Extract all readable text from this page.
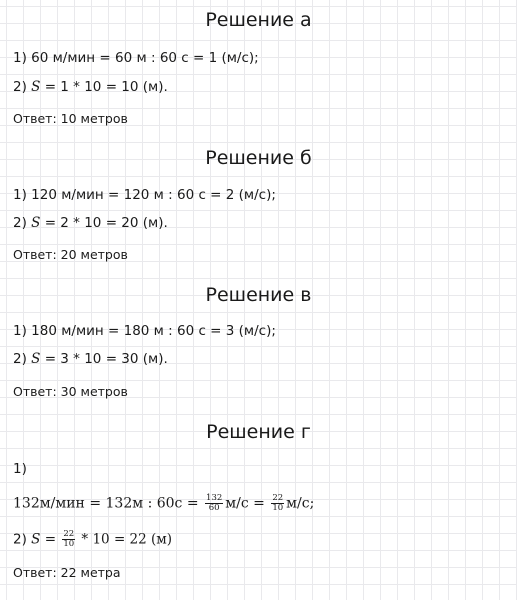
Решение а
1) 60 м/мин = 60 м : 60 с = 1 (м/с);
2) S = 1 * 10 = 10 (м).
Ответ: 10 метров
Решение б
1) 120 м/мин = 120 м : 60 с = 2 (м/с);
2) S = 2 * 10 = 20 (м).
Ответ: 20 метров
Решение в
1) 180 м/мин = 180 м : 60 с = 3 (м/с);
2) S = 3 * 10 = 30 (м).
Ответ: 30 метров
Решение г
1)
132м/мин = 132м : $60с = \frac{132}{60} м/с = \frac{22}{10} м/с$;
2) $S = \frac{22}{10} * 10 = 22$ (м)
Ответ: 22 метра
